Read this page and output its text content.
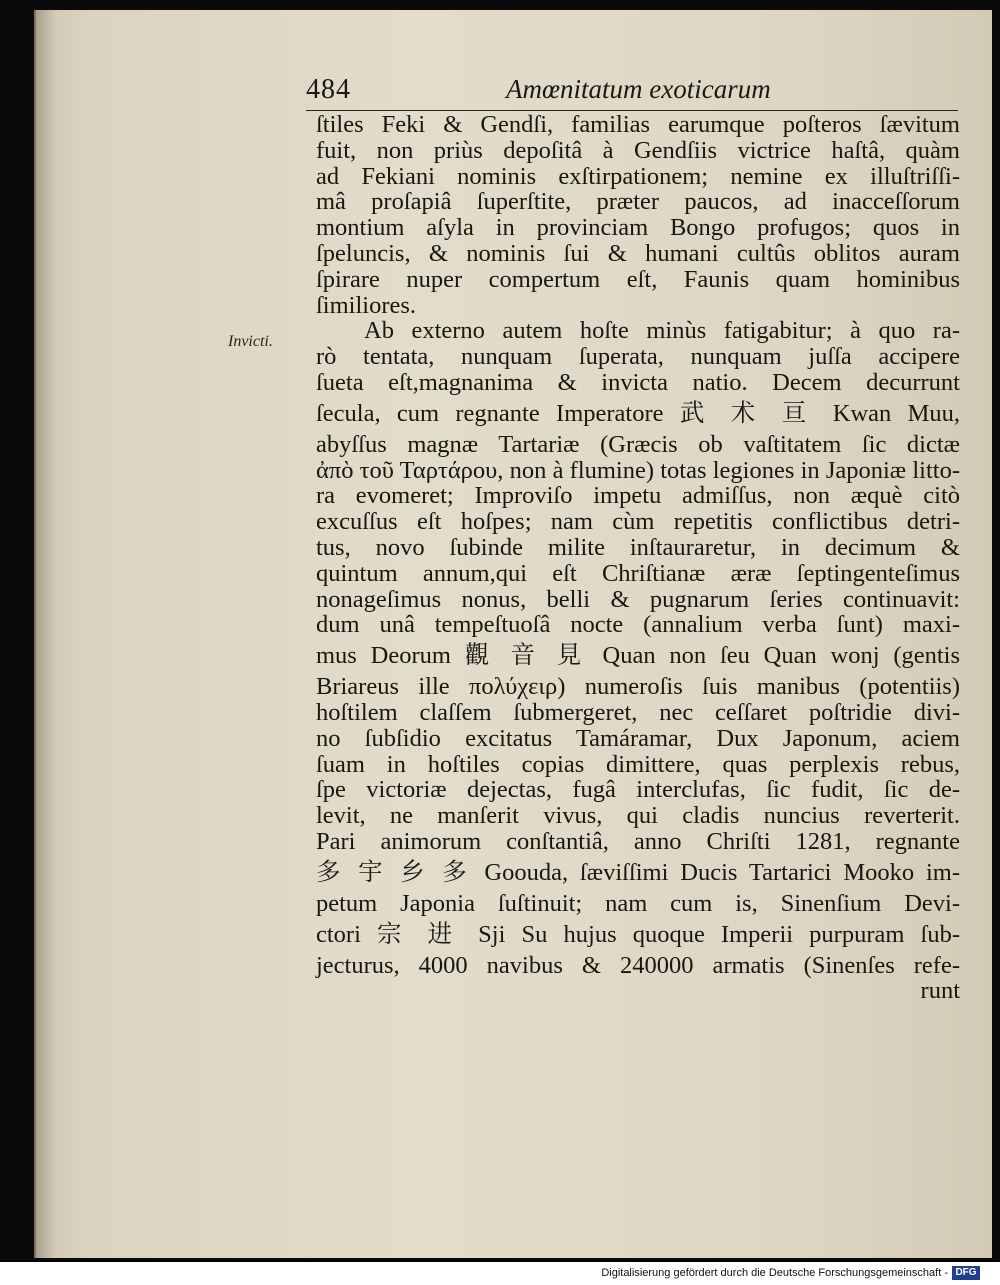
484	Amœnitatum exoticarum
Invicti.
ſtiles Feki & Gendſi, familias earumque poſteros ſævitum
fuit, non priùs depoſitâ à Gendſiis victrice haſtâ, quàm
ad Fekiani nominis exſtirpationem; nemine ex illuſtriſſi-
mâ proſapiâ ſuperſtite, præter paucos, ad inacceſſorum
montium aſyla in provinciam Bongo profugos; quos in
ſpeluncis, & nominis ſui & humani cultûs oblitos auram
ſpirare nuper compertum eſt, Faunis quam hominibus
ſimiliores.
Ab externo autem hoſte minùs fatigabitur; à quo ra-
rò tentata, nunquam ſuperata, nunquam juſſa accipere
ſueta eſt,magnanima & invicta natio. Decem decurrunt
ſecula, cum regnante Imperatore 武 术 亘 Kwan Muu,
abyſſus magnæ Tartariæ (Græcis ob vaſtitatem ſic dictæ
ἀπὸ τοῦ Ταρτάρου, non à flumine) totas legiones in Japoniæ litto-
ra evomeret; Improviſo impetu admiſſus, non æquè citò
excuſſus eſt hoſpes; nam cùm repetitis conflictibus detri-
tus, novo ſubinde milite inſtauraretur, in decimum &
quintum annum,qui eſt Chriſtianæ æræ ſeptingenteſimus
nonageſimus nonus, belli & pugnarum ſeries continuavit:
dum unâ tempeſtuoſâ nocte (annalium verba ſunt) maxi-
mus Deorum 觀 音 見 Quan non ſeu Quan wonj (gentis
Briareus ille πολύχειρ) numeroſis ſuis manibus (potentiis)
hoſtilem claſſem ſubmergeret, nec ceſſaret poſtridie divi-
no ſubſidio excitatus Tamáramar, Dux Japonum, aciem
ſuam in hoſtiles copias dimittere, quas perplexis rebus,
ſpe victoriæ dejectas, fugâ interclufas, ſic fudit, ſic de-
levit, ne manſerit vivus, qui cladis nuncius reverterit.
Pari animorum conſtantiâ, anno Chriſti 1281, regnante
多 宇 乡 多 Goouda, ſæviſſimi Ducis Tartarici Mooko im-
petum Japonia ſuſtinuit; nam cum is, Sinenſium Devi-
ctori 宗 进 Sji Su hujus quoque Imperii purpuram ſub-
jecturus, 4000 navibus & 240000 armatis (Sinenſes refe-
runt
Digitalisierung gefördert durch die Deutsche Forschungsgemeinschaft - DFG
